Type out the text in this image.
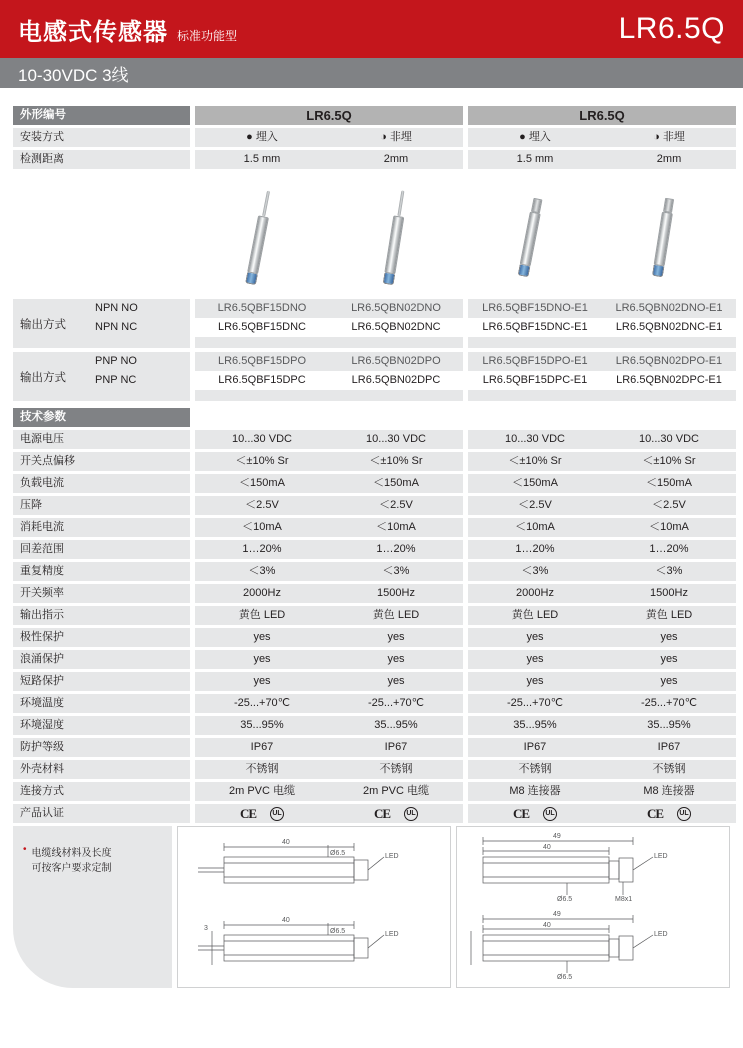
电感式传感器 标准功能型	LR6.5Q
10-30VDC 3线
外形编号		LR6.5Q			LR6.5Q	

安装方式		● 埋入	◑ 非埋		● 埋入	◑ 非埋

检测距离		1.5 mm	2mm		1.5 mm	2mm
输出方式	NPN NO		LR6.5QBF15DNO	LR6.5QBN02DNO		LR6.5QBF15DNO-E1	LR6.5QBN02DNO-E1
	NPN NC		LR6.5QBF15DNC	LR6.5QBN02DNC		LR6.5QBF15DNC-E1	LR6.5QBN02DNC-E1

输出方式	PNP NO		LR6.5QBF15DPO	LR6.5QBN02DPO		LR6.5QBF15DPO-E1	LR6.5QBN02DPO-E1
	PNP NC		LR6.5QBF15DPC	LR6.5QBN02DPC		LR6.5QBF15DPC-E1	LR6.5QBN02DPC-E1

技术参数						

电源电压		10...30 VDC	10...30 VDC		10...30 VDC	10...30 VDC

开关点偏移		＜±10% Sr	＜±10% Sr		＜±10% Sr	＜±10% Sr

负载电流		＜150mA	＜150mA		＜150mA	＜150mA

压降		＜2.5V	＜2.5V		＜2.5V	＜2.5V

消耗电流		＜10mA	＜10mA		＜10mA	＜10mA

回差范围		1…20%	1…20%		1…20%	1…20%

重复精度		＜3%	＜3%		＜3%	＜3%

开关频率		2000Hz	1500Hz		2000Hz	1500Hz

输出指示		黄色 LED	黄色 LED		黄色 LED	黄色 LED

极性保护		yes	yes		yes	yes

浪涌保护		yes	yes		yes	yes

短路保护		yes	yes		yes	yes

环境温度		-25...+70℃	-25...+70℃		-25...+70℃	-25...+70℃

环境湿度		35...95%	35...95%		35...95%	35...95%

防护等级		IP67	IP67		IP67	IP67

外壳材料		不锈钢	不锈钢		不锈钢	不锈钢

连接方式		2m PVC 电缆	2m PVC 电缆		M8 连接器	M8 连接器

产品认证		CE UL	CE UL		CE UL	CE UL
• 电缆线材料及长度
可按客户要求定制
LED
40
Ø6.5
LED
40
Ø6.5
3
LED
49
40
Ø6.5	M8x1
LED
49
40
Ø6.5
